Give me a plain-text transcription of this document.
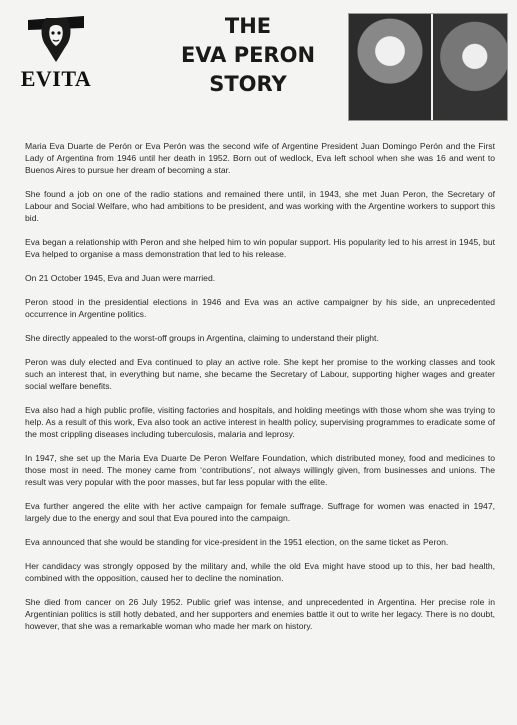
EVITA
THE
EVA PERON
STORY

Maria Eva Duarte de Perón or Eva Perón was the second wife of Argentine President Juan Domingo Perón and the First Lady of Argentina from 1946 until her death in 1952. Born out of wedlock, Eva left school when she was 16 and went to Buenos Aires to pursue her dream of becoming a star.

She found a job on one of the radio stations and remained there until, in 1943, she met Juan Peron, the Secretary of Labour and Social Welfare, who had ambitions to be president, and was working with the Argentine workers to support this bid.

Eva began a relationship with Peron and she helped him to win popular support. His popularity led to his arrest in 1945, but Eva helped to organise a mass demonstration that led to his release.

On 21 October 1945, Eva and Juan were married.

Peron stood in the presidential elections in 1946 and Eva was an active campaigner by his side, an unprecedented occurrence in Argentine politics.

She directly appealed to the worst-off groups in Argentina, claiming to understand their plight.

Peron was duly elected and Eva continued to play an active role. She kept her promise to the working classes and took such an interest that, in everything but name, she became the Secretary of Labour, supporting higher wages and greater social welfare benefits.

Eva also had a high public profile, visiting factories and hospitals, and holding meetings with those whom she was trying to help. As a result of this work, Eva also took an active interest in health policy, supervising programmes to eradicate some of the most crippling diseases including tuberculosis, malaria and leprosy.

In 1947, she set up the Maria Eva Duarte De Peron Welfare Foundation, which distributed money, food and medicines to those most in need. The money came from ‘contributions’, not always willingly given, from businesses and unions. The result was very popular with the poor masses, but far less popular with the elite.

Eva further angered the elite with her active campaign for female suffrage. Suffrage for women was enacted in 1947, largely due to the energy and soul that Eva poured into the campaign.

Eva announced that she would be standing for vice-president in the 1951 election, on the same ticket as Peron.

Her candidacy was strongly opposed by the military and, while the old Eva might have stood up to this, her bad health, combined with the opposition, caused her to decline the nomination.

She died from cancer on 26 July 1952. Public grief was intense, and unprecedented in Argentina. Her precise role in Argentinian politics is still hotly debated, and her supporters and enemies battle it out to write her legacy. There is no doubt, however, that she was a remarkable woman who made her mark on history.
